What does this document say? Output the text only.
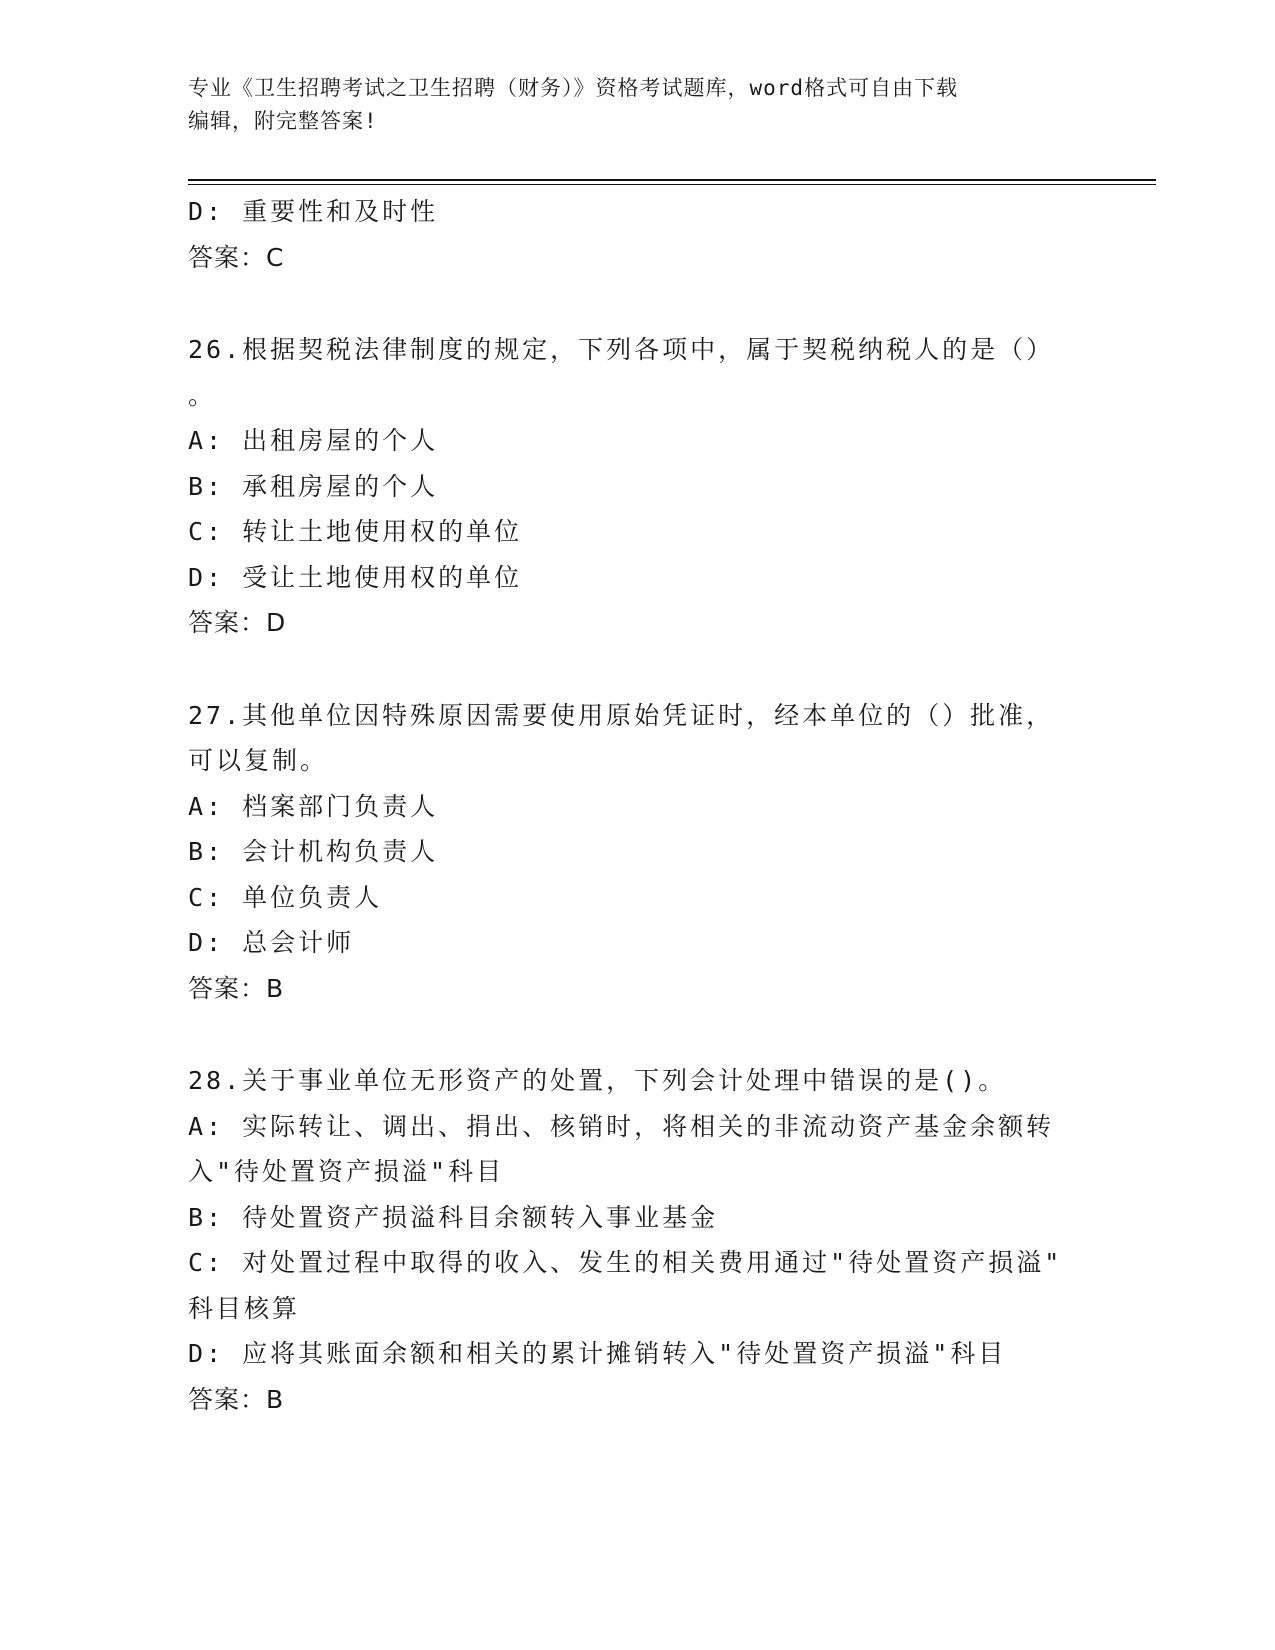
专业《卫生招聘考试之卫生招聘（财务）》资格考试题库，word格式可自由下载
编辑，附完整答案!
D: 重要性和及时性
答案：C
26.根据契税法律制度的规定，下列各项中，属于契税纳税人的是（）
。
A: 出租房屋的个人
B: 承租房屋的个人
C: 转让土地使用权的单位
D: 受让土地使用权的单位
答案：D
27.其他单位因特殊原因需要使用原始凭证时，经本单位的（）批准，
可以复制。
A: 档案部门负责人
B: 会计机构负责人
C: 单位负责人
D: 总会计师
答案：B
28.关于事业单位无形资产的处置，下列会计处理中错误的是()。
A: 实际转让、调出、捐出、核销时，将相关的非流动资产基金余额转
入"待处置资产损溢"科目
B: 待处置资产损溢科目余额转入事业基金
C: 对处置过程中取得的收入、发生的相关费用通过"待处置资产损溢"
科目核算
D: 应将其账面余额和相关的累计摊销转入"待处置资产损溢"科目
答案：B
